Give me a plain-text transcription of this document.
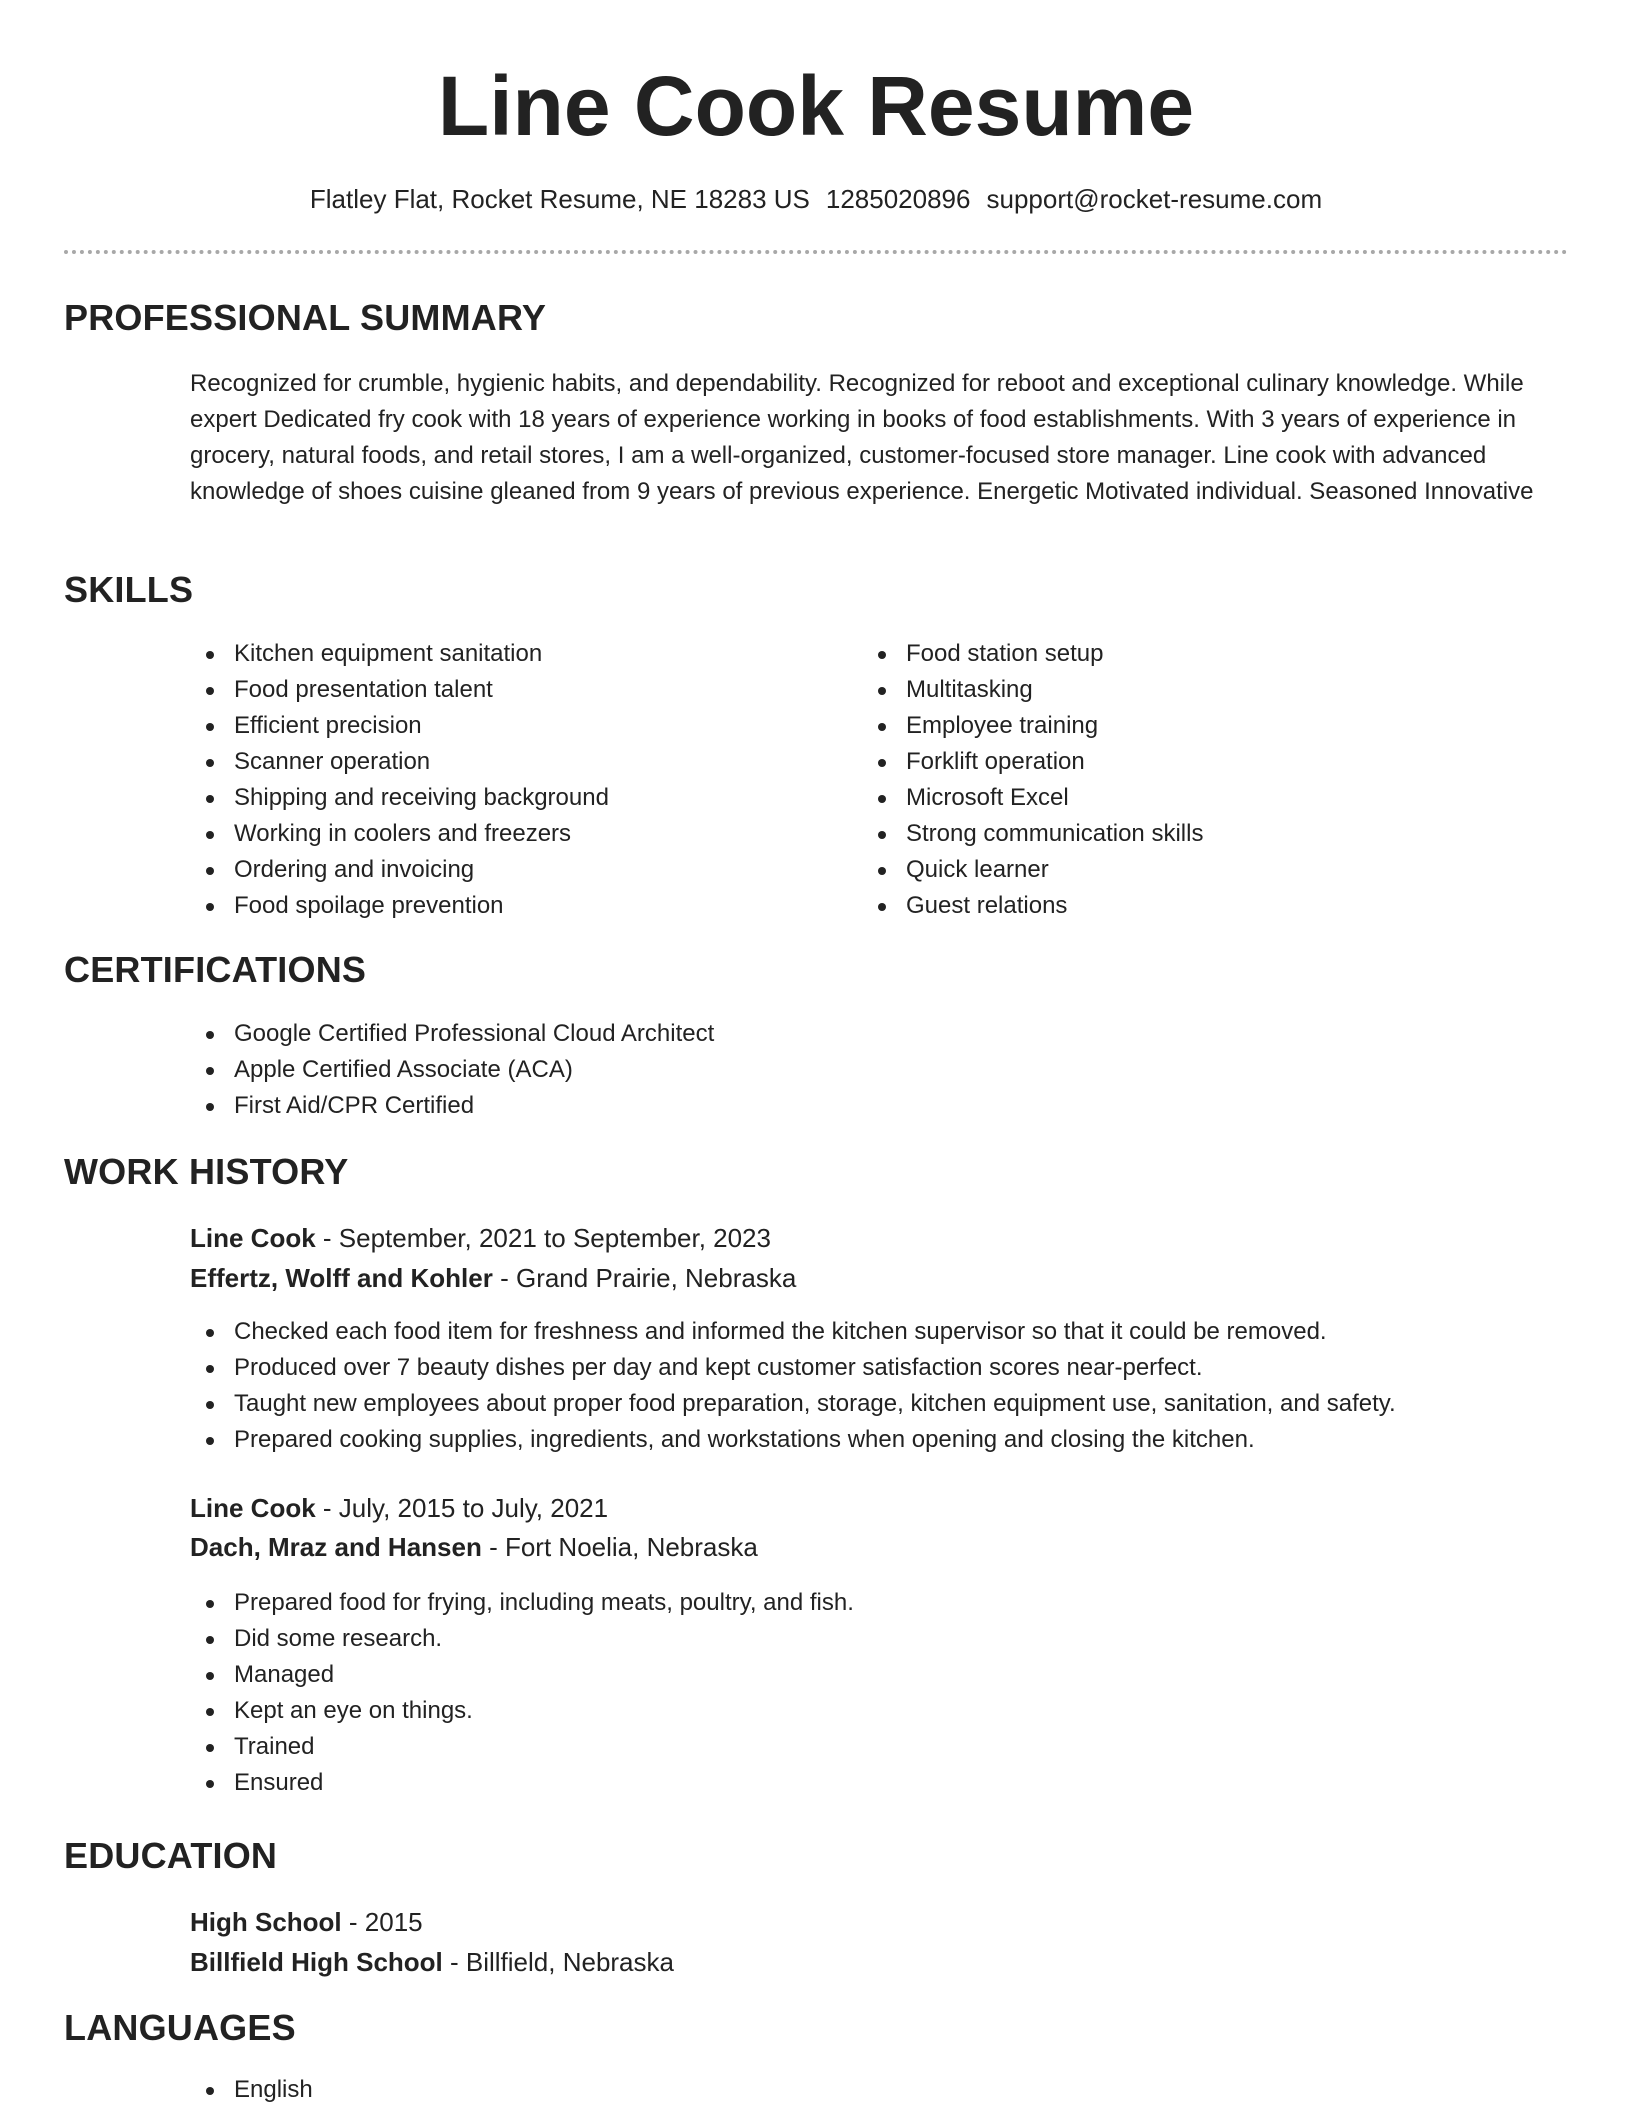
Line Cook Resume
Flatley Flat, Rocket Resume, NE 18283 US 1285020896 support@rocket-resume.com
PROFESSIONAL SUMMARY

Recognized for crumble, hygienic habits, and dependability. Recognized for reboot and exceptional culinary knowledge. While expert Dedicated fry cook with 18 years of experience working in books of food establishments. With 3 years of experience in grocery, natural foods, and retail stores, I am a well-organized, customer-focused store manager. Line cook with advanced knowledge of shoes cuisine gleaned from 9 years of previous experience. Energetic Motivated individual. Seasoned Innovative

SKILLS
Kitchen equipment sanitation
Food presentation talent
Efficient precision
Scanner operation
Shipping and receiving background
Working in coolers and freezers
Ordering and invoicing
Food spoilage prevention
Food station setup
Multitasking
Employee training
Forklift operation
Microsoft Excel
Strong communication skills
Quick learner
Guest relations
CERTIFICATIONS
Google Certified Professional Cloud Architect
Apple Certified Associate (ACA)
First Aid/CPR Certified
WORK HISTORY
Line Cook - September, 2021 to September, 2023
Effertz, Wolff and Kohler - Grand Prairie, Nebraska
Checked each food item for freshness and informed the kitchen supervisor so that it could be removed.
Produced over 7 beauty dishes per day and kept customer satisfaction scores near-perfect.
Taught new employees about proper food preparation, storage, kitchen equipment use, sanitation, and safety.
Prepared cooking supplies, ingredients, and workstations when opening and closing the kitchen.
Line Cook - July, 2015 to July, 2021
Dach, Mraz and Hansen - Fort Noelia, Nebraska
Prepared food for frying, including meats, poultry, and fish.
Did some research.
Managed
Kept an eye on things.
Trained
Ensured
EDUCATION
High School - 2015
Billfield High School - Billfield, Nebraska
LANGUAGES
English
